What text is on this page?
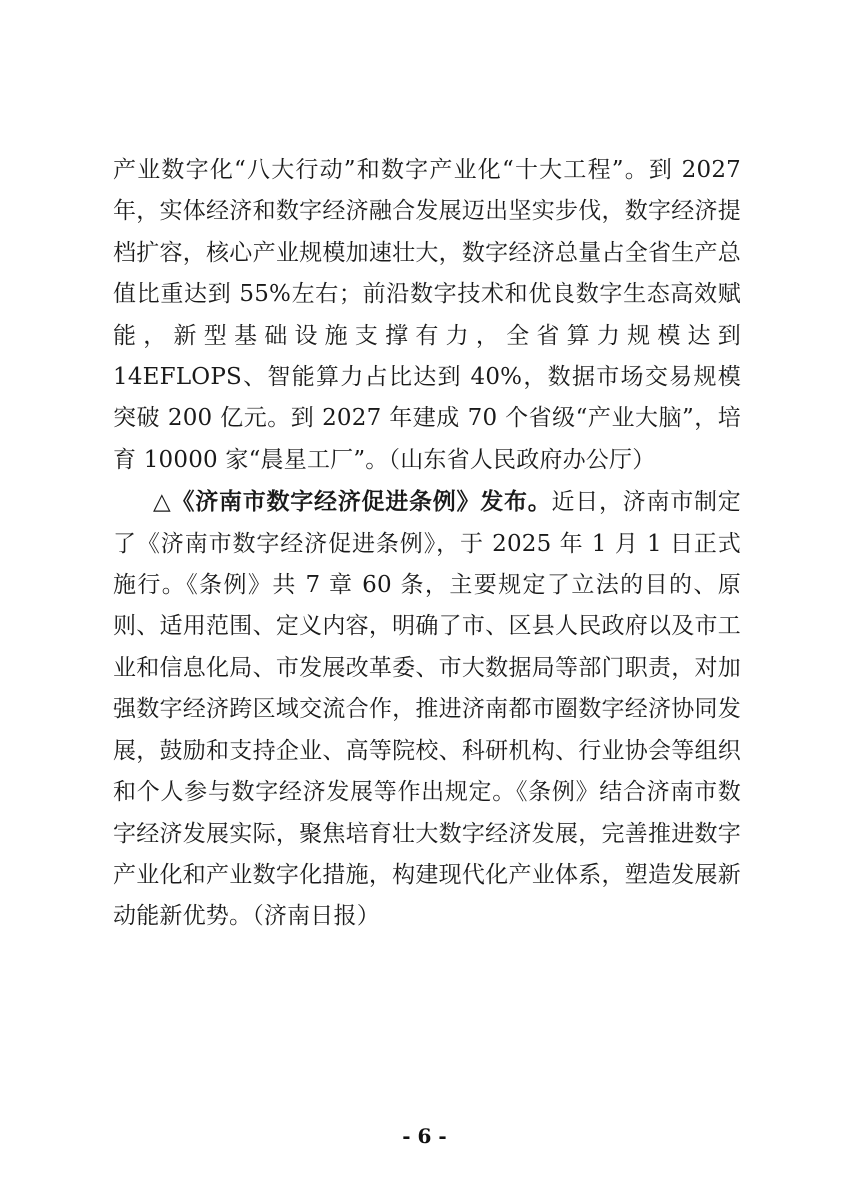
产业数字化“八大行动”和数字产业化“十大工程”。到 2027 年，实体经济和数字经济融合发展迈出坚实步伐，数字经济提档扩容，核心产业规模加速壮大，数字经济总量占全省生产总值比重达到 55%左右；前沿数字技术和优良数字生态高效赋能，新型基础设施支撑有力，全省算力规模达到 14EFLOPS、智能算力占比达到 40%，数据市场交易规模突破 200 亿元。到 2027 年建成 70 个省级“产业大脑”，培育 10000 家“晨星工厂”。（山东省人民政府办公厅）

△《济南市数字经济促进条例》发布。近日，济南市制定了《济南市数字经济促进条例》，于 2025 年 1 月 1 日正式施行。《条例》共 7 章 60 条，主要规定了立法的目的、原则、适用范围、定义内容，明确了市、区县人民政府以及市工业和信息化局、市发展改革委、市大数据局等部门职责，对加强数字经济跨区域交流合作，推进济南都市圈数字经济协同发展，鼓励和支持企业、高等院校、科研机构、行业协会等组织和个人参与数字经济发展等作出规定。《条例》结合济南市数字经济发展实际，聚焦培育壮大数字经济发展，完善推进数字产业化和产业数字化措施，构建现代化产业体系，塑造发展新动能新优势。（济南日报）

- 6 -
